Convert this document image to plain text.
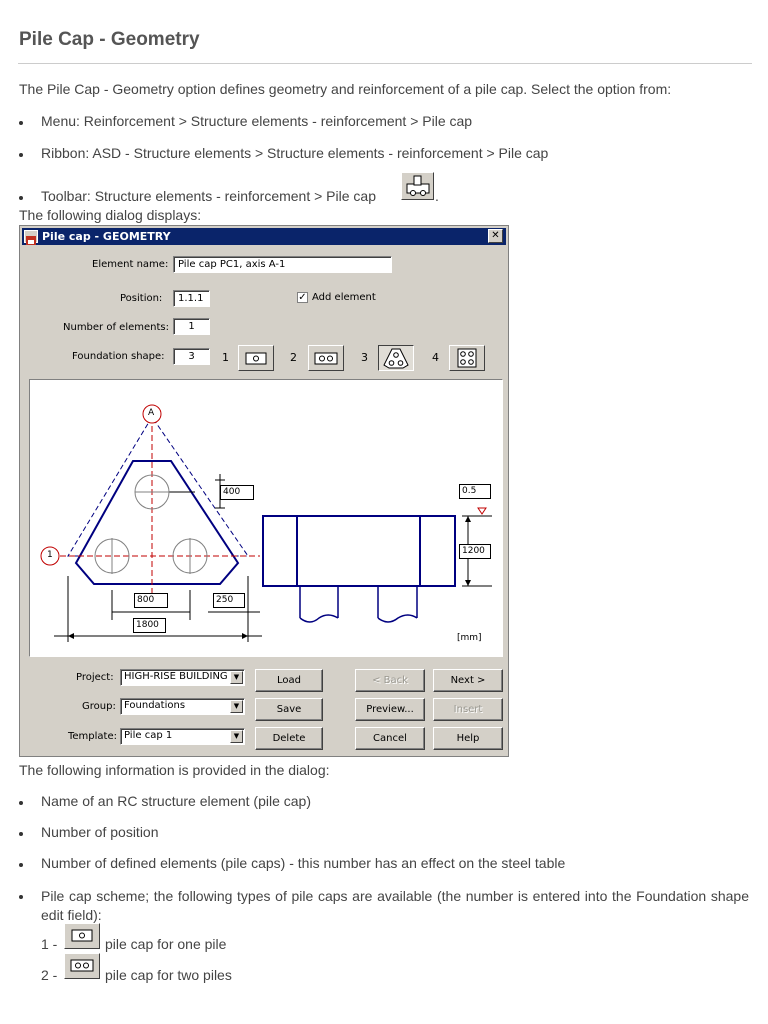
Pile Cap - Geometry
The Pile Cap - Geometry option defines geometry and reinforcement of a pile cap. Select the option from:
Menu: Reinforcement > Structure elements - reinforcement > Pile cap
Ribbon: ASD - Structure elements > Structure elements - reinforcement > Pile cap
Toolbar: Structure elements - reinforcement > Pile cap	.
The following dialog displays:
Pile cap - GEOMETRY	✕
Element name: Pile cap PC1, axis A-1
Position:	1.1.1	✓ Add element
Number of elements:	1
Foundation shape:	3	1	2	3	4
A
1
400
800	250
1800
0.5
1200
[mm]
Project: HIGH-RISE BUILDING ▼
Group: Foundations	▼
Template: Pile cap 1	▼
Load
Save
Delete
< Back
Preview...
Cancel
Next >
Insert
Help
The following information is provided in the dialog:
Name of an RC structure element (pile cap)
Number of position
Number of defined elements (pile caps) - this number has an effect on the steel table
Pile cap scheme; the following types of pile caps are available (the number is entered into the Foundation shape edit field):
1 -	pile cap for one pile
2 -	pile cap for two piles
